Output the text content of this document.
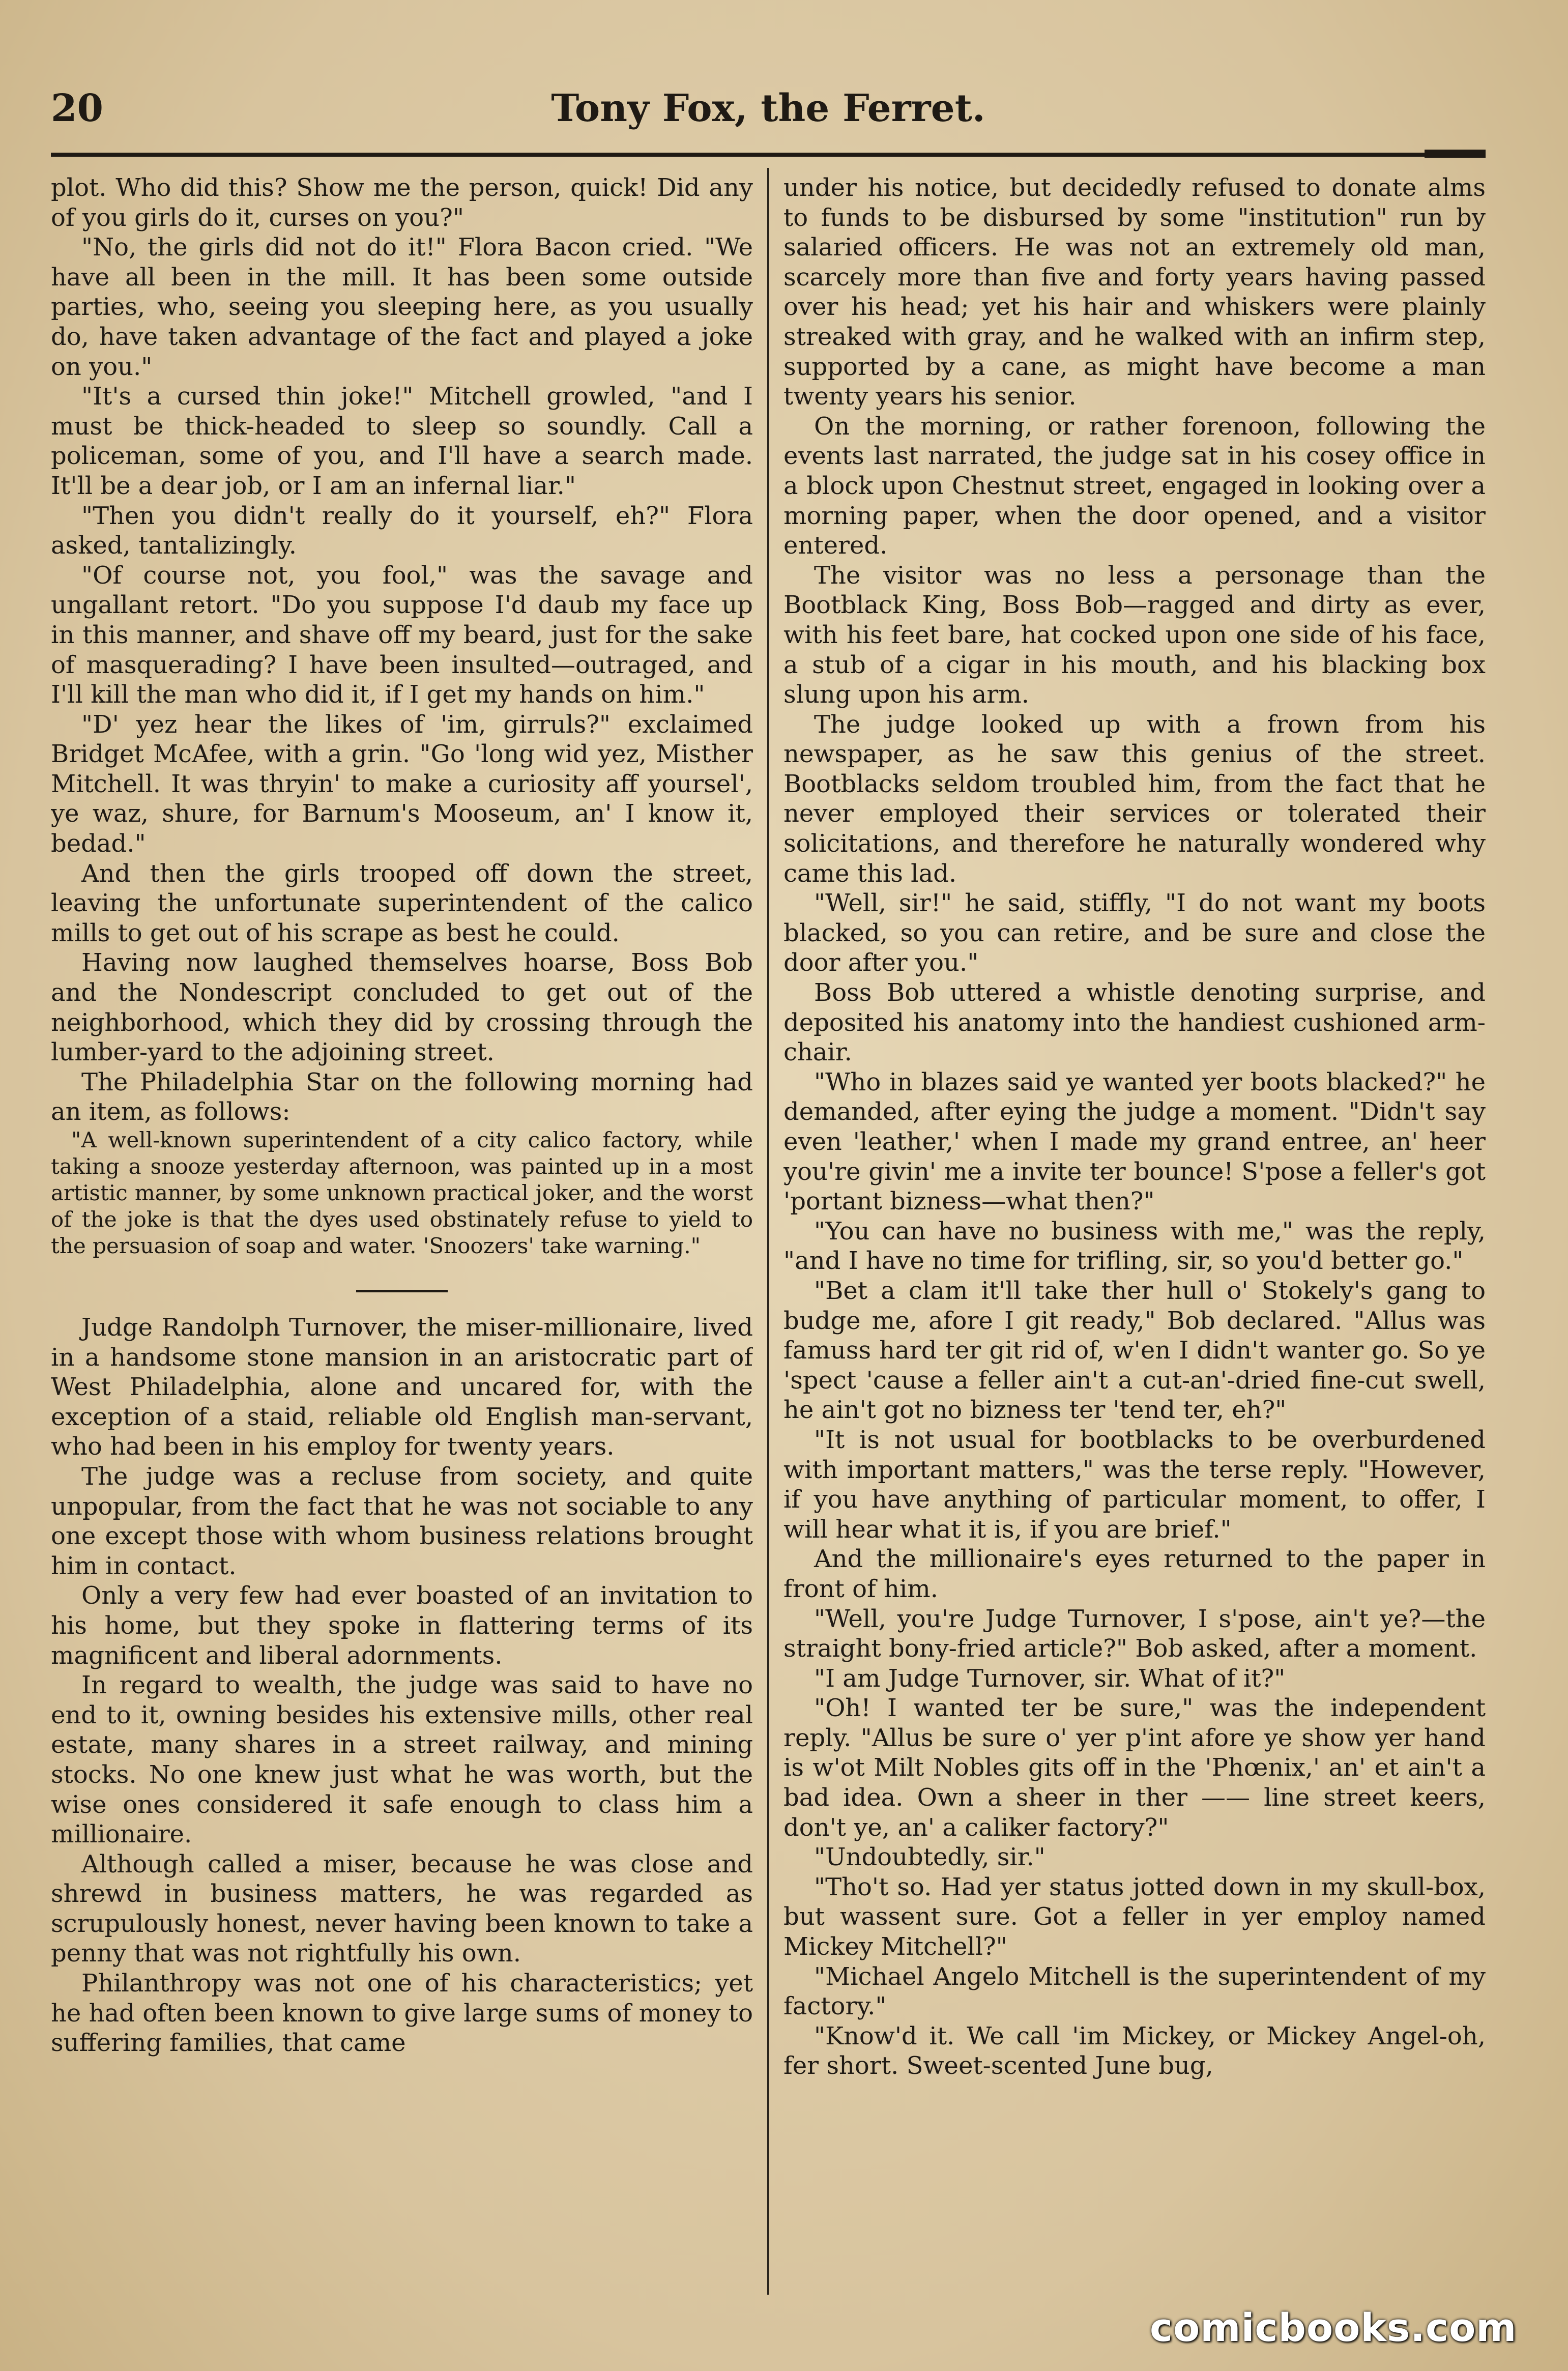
20	Tony Fox, the Ferret.

plot. Who did this? Show me the person, quick! Did any of you girls do it, curses on you?"

"No, the girls did not do it!" Flora Bacon cried. "We have all been in the mill. It has been some outside parties, who, seeing you sleeping here, as you usually do, have taken advantage of the fact and played a joke on you."

"It's a cursed thin joke!" Mitchell growled, "and I must be thick-headed to sleep so soundly. Call a policeman, some of you, and I'll have a search made. It'll be a dear job, or I am an infernal liar."

"Then you didn't really do it yourself, eh?" Flora asked, tantalizingly.

"Of course not, you fool," was the savage and ungallant retort. "Do you suppose I'd daub my face up in this manner, and shave off my beard, just for the sake of masquerading? I have been insulted—outraged, and I'll kill the man who did it, if I get my hands on him."

"D' yez hear the likes of 'im, girruls?" exclaimed Bridget McAfee, with a grin. "Go 'long wid yez, Misther Mitchell. It was thryin' to make a curiosity aff yoursel', ye waz, shure, for Barnum's Mooseum, an' I know it, bedad."

And then the girls trooped off down the street, leaving the unfortunate superintendent of the calico mills to get out of his scrape as best he could.

Having now laughed themselves hoarse, Boss Bob and the Nondescript concluded to get out of the neighborhood, which they did by crossing through the lumber-yard to the adjoining street.

The Philadelphia Star on the following morning had an item, as follows:

"A well-known superintendent of a city calico factory, while taking a snooze yesterday afternoon, was painted up in a most artistic manner, by some unknown practical joker, and the worst of the joke is that the dyes used obstinately refuse to yield to the persuasion of soap and water. 'Snoozers' take warning."

Judge Randolph Turnover, the miser-millionaire, lived in a handsome stone mansion in an aristocratic part of West Philadelphia, alone and uncared for, with the exception of a staid, reliable old English man-servant, who had been in his employ for twenty years.

The judge was a recluse from society, and quite unpopular, from the fact that he was not sociable to any one except those with whom business relations brought him in contact.

Only a very few had ever boasted of an invitation to his home, but they spoke in flattering terms of its magnificent and liberal adornments.

In regard to wealth, the judge was said to have no end to it, owning besides his extensive mills, other real estate, many shares in a street railway, and mining stocks. No one knew just what he was worth, but the wise ones considered it safe enough to class him a millionaire.

Although called a miser, because he was close and shrewd in business matters, he was regarded as scrupulously honest, never having been known to take a penny that was not rightfully his own.

Philanthropy was not one of his characteristics; yet he had often been known to give large sums of money to suffering families, that came

under his notice, but decidedly refused to donate alms to funds to be disbursed by some "institution" run by salaried officers. He was not an extremely old man, scarcely more than five and forty years having passed over his head; yet his hair and whiskers were plainly streaked with gray, and he walked with an infirm step, supported by a cane, as might have become a man twenty years his senior.

On the morning, or rather forenoon, following the events last narrated, the judge sat in his cosey office in a block upon Chestnut street, engaged in looking over a morning paper, when the door opened, and a visitor entered.

The visitor was no less a personage than the Bootblack King, Boss Bob—ragged and dirty as ever, with his feet bare, hat cocked upon one side of his face, a stub of a cigar in his mouth, and his blacking box slung upon his arm.

The judge looked up with a frown from his newspaper, as he saw this genius of the street. Bootblacks seldom troubled him, from the fact that he never employed their services or tolerated their solicitations, and therefore he naturally wondered why came this lad.

"Well, sir!" he said, stiffly, "I do not want my boots blacked, so you can retire, and be sure and close the door after you."

Boss Bob uttered a whistle denoting surprise, and deposited his anatomy into the handiest cushioned arm-chair.

"Who in blazes said ye wanted yer boots blacked?" he demanded, after eying the judge a moment. "Didn't say even 'leather,' when I made my grand entree, an' heer you're givin' me a invite ter bounce! S'pose a feller's got 'portant bizness—what then?"

"You can have no business with me," was the reply, "and I have no time for trifling, sir, so you'd better go."

"Bet a clam it'll take ther hull o' Stokely's gang to budge me, afore I git ready," Bob declared. "Allus was famuss hard ter git rid of, w'en I didn't wanter go. So ye 'spect 'cause a feller ain't a cut-an'-dried fine-cut swell, he ain't got no bizness ter 'tend ter, eh?"

"It is not usual for bootblacks to be overburdened with important matters," was the terse reply. "However, if you have anything of particular moment, to offer, I will hear what it is, if you are brief."

And the millionaire's eyes returned to the paper in front of him.

"Well, you're Judge Turnover, I s'pose, ain't ye?—the straight bony-fried article?" Bob asked, after a moment.

"I am Judge Turnover, sir. What of it?"

"Oh! I wanted ter be sure," was the independent reply. "Allus be sure o' yer p'int afore ye show yer hand is w'ot Milt Nobles gits off in the 'Phœnix,' an' et ain't a bad idea. Own a sheer in ther —— line street keers, don't ye, an' a caliker factory?"

"Undoubtedly, sir."

"Tho't so. Had yer status jotted down in my skull-box, but wassent sure. Got a feller in yer employ named Mickey Mitchell?"

"Michael Angelo Mitchell is the superintendent of my factory."

"Know'd it. We call 'im Mickey, or Mickey Angel-oh, fer short. Sweet-scented June bug,

comicbooks.com
